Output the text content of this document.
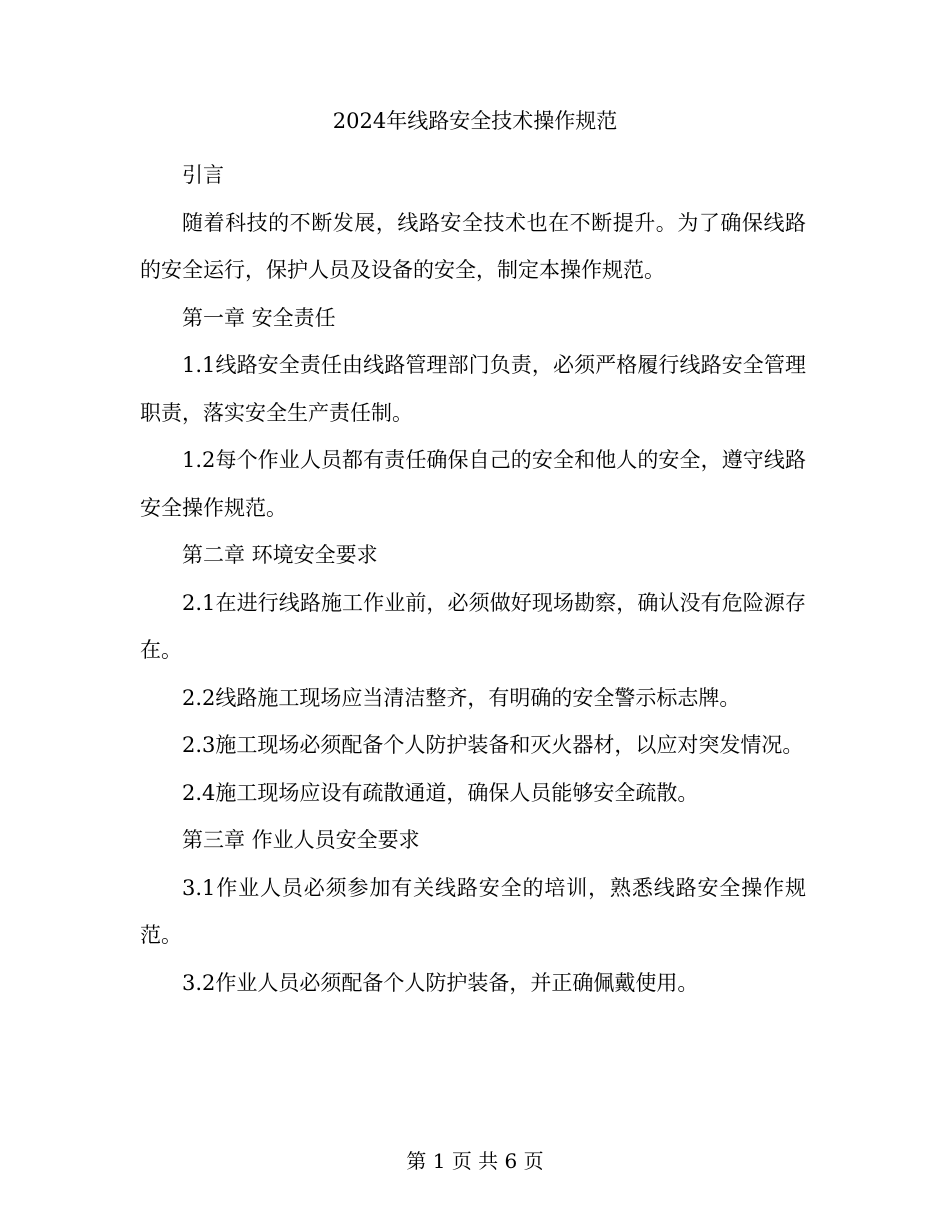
2024年线路安全技术操作规范

引言

随着科技的不断发展，线路安全技术也在不断提升。为了确保线路的安全运行，保护人员及设备的安全，制定本操作规范。

第一章 安全责任

1.1线路安全责任由线路管理部门负责，必须严格履行线路安全管理职责，落实安全生产责任制。

1.2每个作业人员都有责任确保自己的安全和他人的安全，遵守线路安全操作规范。

第二章 环境安全要求

2.1在进行线路施工作业前，必须做好现场勘察，确认没有危险源存在。

2.2线路施工现场应当清洁整齐，有明确的安全警示标志牌。

2.3施工现场必须配备个人防护装备和灭火器材，以应对突发情况。

2.4施工现场应设有疏散通道，确保人员能够安全疏散。

第三章 作业人员安全要求

3.1作业人员必须参加有关线路安全的培训，熟悉线路安全操作规范。

3.2作业人员必须配备个人防护装备，并正确佩戴使用。

第 1 页 共 6 页
